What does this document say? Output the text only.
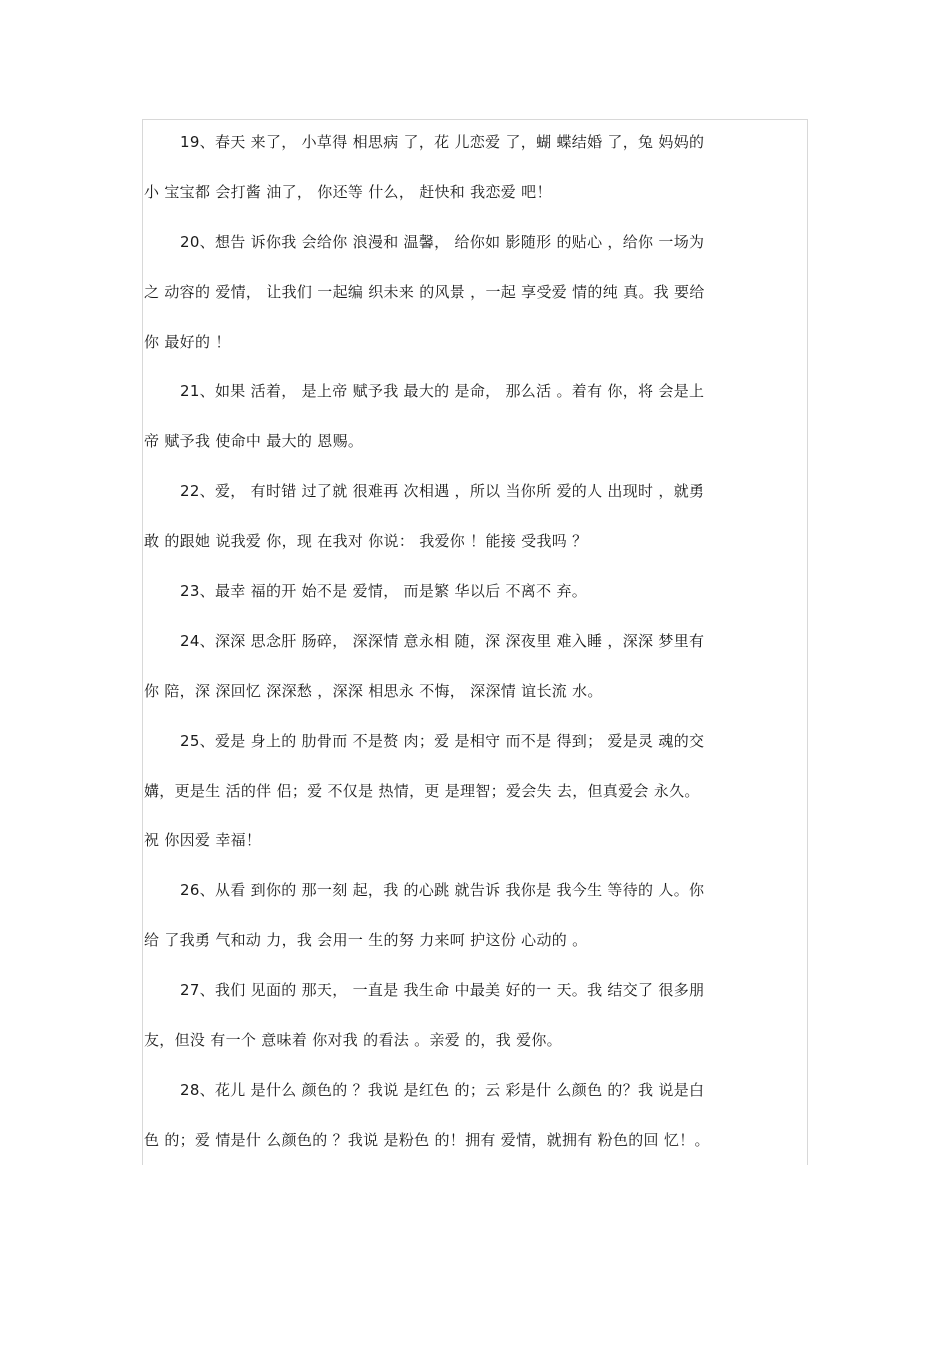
19、春天 来了， 小草得 相思病 了，花 儿恋爱 了，蝴 蝶结婚 了，兔 妈妈的
小 宝宝都 会打酱 油了， 你还等 什么， 赶快和 我恋爱 吧！

20、想告 诉你我 会给你 浪漫和 温馨， 给你如 影随形 的贴心 ，给你 一场为
之 动容的 爱情， 让我们 一起编 织未来 的风景 ，一起 享受爱 情的纯 真。我 要给
你 最好的 ！

21、如果 活着， 是上帝 赋予我 最大的 是命， 那么活 。着有 你，将 会是上
帝 赋予我 使命中 最大的 恩赐。

22、爱， 有时错 过了就 很难再 次相遇 ，所以 当你所 爱的人 出现时 ，就勇
敢 的跟她 说我爱 你，现 在我对 你说： 我爱你 ！能接 受我吗 ？

23、最幸 福的开 始不是 爱情， 而是繁 华以后 不离不 弃。

24、深深 思念肝 肠碎， 深深情 意永相 随，深 深夜里 难入睡 ，深深 梦里有
你 陪，深 深回忆 深深愁 ，深深 相思永 不悔， 深深情 谊长流 水。

25、爱是 身上的 肋骨而 不是赘 肉；爱 是相守 而不是 得到； 爱是灵 魂的交
媾，更是生 活的伴 侣；爱 不仅是 热情，更 是理智；爱会失 去，但真爱会 永久。
祝 你因爱 幸福！

26、从看 到你的 那一刻 起，我 的心跳 就告诉 我你是 我今生 等待的 人。你
给 了我勇 气和动 力，我 会用一 生的努 力来呵 护这份 心动的 。

27、我们 见面的 那天， 一直是 我生命 中最美 好的一 天。我 结交了 很多朋
友，但没 有一个 意味着 你对我 的看法 。亲爱 的，我 爱你。

28、花儿 是什么 颜色的 ？我说 是红色 的；云 彩是什 么颜色 的？我 说是白
色 的；爱 情是什 么颜色的 ？我说 是粉色 的！拥有 爱情，就拥有 粉色的回 忆！。
